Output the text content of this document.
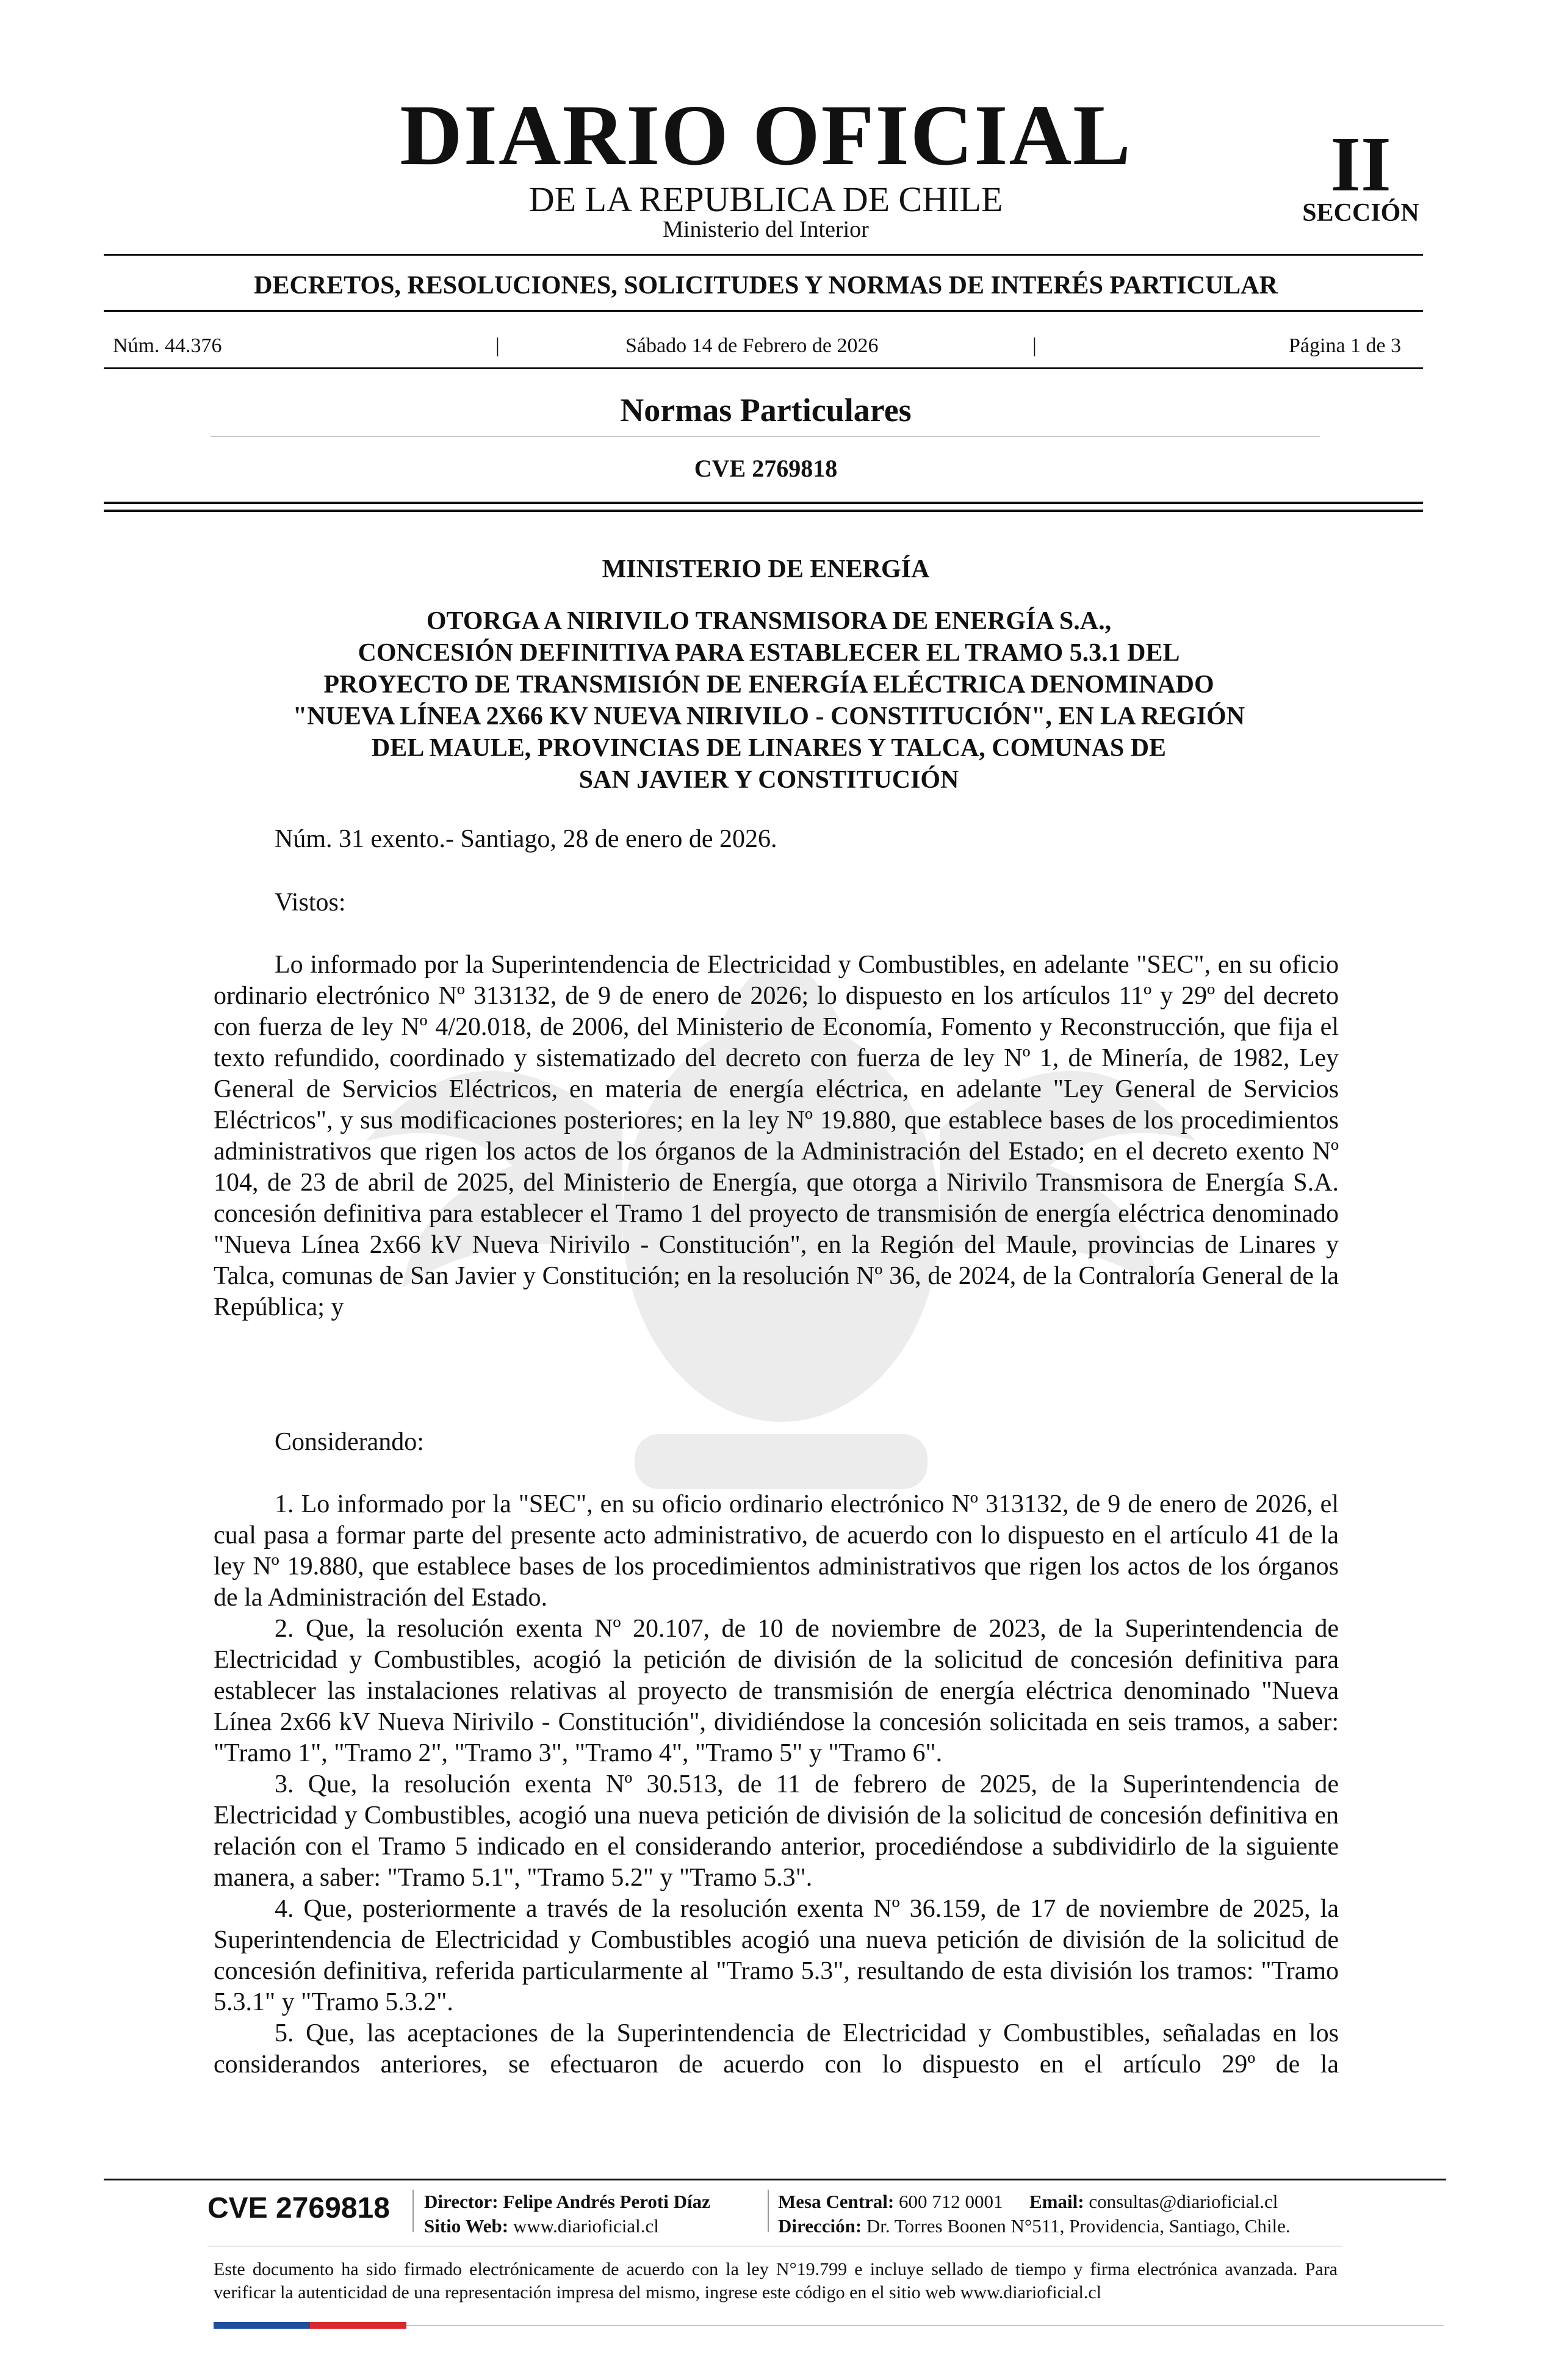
DIARIO OFICIAL
DE LA REPUBLICA DE CHILE
Ministerio del Interior
II
SECCIÓN
DECRETOS, RESOLUCIONES, SOLICITUDES Y NORMAS DE INTERÉS PARTICULAR
Núm. 44.376	|	Sábado 14 de Febrero de 2026	|	Página 1 de 3
Normas Particulares
CVE 2769818
MINISTERIO DE ENERGÍA
OTORGA A NIRIVILO TRANSMISORA DE ENERGÍA S.A.,
CONCESIÓN DEFINITIVA PARA ESTABLECER EL TRAMO 5.3.1 DEL
PROYECTO DE TRANSMISIÓN DE ENERGÍA ELÉCTRICA DENOMINADO
"NUEVA LÍNEA 2X66 KV NUEVA NIRIVILO - CONSTITUCIÓN", EN LA REGIÓN
DEL MAULE, PROVINCIAS DE LINARES Y TALCA, COMUNAS DE
SAN JAVIER Y CONSTITUCIÓN
Núm. 31 exento.- Santiago, 28 de enero de 2026.
Vistos:

Lo informado por la Superintendencia de Electricidad y Combustibles, en adelante "SEC", en su oficio ordinario electrónico Nº 313132, de 9 de enero de 2026; lo dispuesto en los artículos 11º y 29º del decreto con fuerza de ley Nº 4/20.018, de 2006, del Ministerio de Economía, Fomento y Reconstrucción, que fija el texto refundido, coordinado y sistematizado del decreto con fuerza de ley Nº 1, de Minería, de 1982, Ley General de Servicios Eléctricos, en materia de energía eléctrica, en adelante "Ley General de Servicios Eléctricos", y sus modificaciones posteriores; en la ley Nº 19.880, que establece bases de los procedimientos administrativos que rigen los actos de los órganos de la Administración del Estado; en el decreto exento Nº 104, de 23 de abril de 2025, del Ministerio de Energía, que otorga a Nirivilo Transmisora de Energía S.A. concesión definitiva para establecer el Tramo 1 del proyecto de transmisión de energía eléctrica denominado "Nueva Línea 2x66 kV Nueva Nirivilo - Constitución", en la Región del Maule, provincias de Linares y Talca, comunas de San Javier y Constitución; en la resolución Nº 36, de 2024, de la Contraloría General de la República; y

Considerando:

1. Lo informado por la "SEC", en su oficio ordinario electrónico Nº 313132, de 9 de enero de 2026, el cual pasa a formar parte del presente acto administrativo, de acuerdo con lo dispuesto en el artículo 41 de la ley Nº 19.880, que establece bases de los procedimientos administrativos que rigen los actos de los órganos de la Administración del Estado.

2. Que, la resolución exenta Nº 20.107, de 10 de noviembre de 2023, de la Superintendencia de Electricidad y Combustibles, acogió la petición de división de la solicitud de concesión definitiva para establecer las instalaciones relativas al proyecto de transmisión de energía eléctrica denominado "Nueva Línea 2x66 kV Nueva Nirivilo - Constitución", dividiéndose la concesión solicitada en seis tramos, a saber: "Tramo 1", "Tramo 2", "Tramo 3", "Tramo 4", "Tramo 5" y "Tramo 6".

3. Que, la resolución exenta Nº 30.513, de 11 de febrero de 2025, de la Superintendencia de Electricidad y Combustibles, acogió una nueva petición de división de la solicitud de concesión definitiva en relación con el Tramo 5 indicado en el considerando anterior, procediéndose a subdividirlo de la siguiente manera, a saber: "Tramo 5.1", "Tramo 5.2" y "Tramo 5.3".

4. Que, posteriormente a través de la resolución exenta Nº 36.159, de 17 de noviembre de 2025, la Superintendencia de Electricidad y Combustibles acogió una nueva petición de división de la solicitud de concesión definitiva, referida particularmente al "Tramo 5.3", resultando de esta división los tramos: "Tramo 5.3.1" y "Tramo 5.3.2".

5. Que, las aceptaciones de la Superintendencia de Electricidad y Combustibles, señaladas en los considerandos anteriores, se efectuaron de acuerdo con lo dispuesto en el artículo 29º de la

CVE 2769818 Director: Felipe Andrés Peroti Díaz
Sitio Web: www.diarioficial.cl
Mesa Central: 600 712 0001 Email: consultas@diarioficial.cl
Dirección: Dr. Torres Boonen N°511, Providencia, Santiago, Chile.
Este documento ha sido firmado electrónicamente de acuerdo con la ley N°19.799 e incluye sellado de tiempo y firma electrónica avanzada. Para verificar la autenticidad de una representación impresa del mismo, ingrese este código en el sitio web www.diarioficial.cl
